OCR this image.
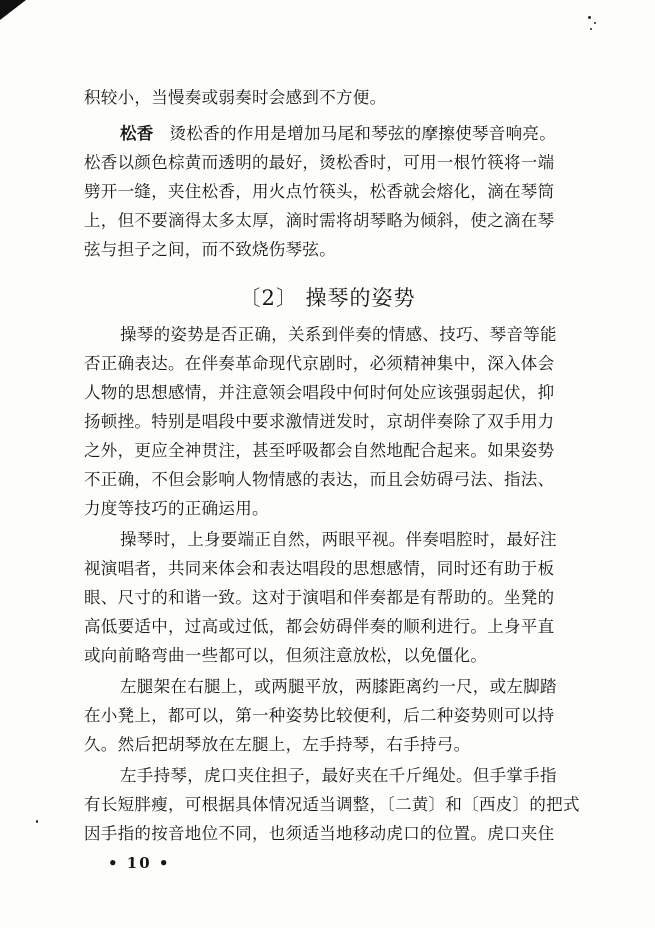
积较小，当慢奏或弱奏时会感到不方便。
松香 烫松香的作用是增加马尾和琴弦的摩擦使琴音响亮。
松香以颜色棕黄而透明的最好，烫松香时，可用一根竹筷将一端
劈开一缝，夹住松香，用火点竹筷头，松香就会熔化，滴在琴筒
上，但不要滴得太多太厚，滴时需将胡琴略为倾斜，使之滴在琴
弦与担子之间，而不致烧伤琴弦。
〔2〕 操琴的姿势
操琴的姿势是否正确，关系到伴奏的情感、技巧、琴音等能
否正确表达。在伴奏革命现代京剧时，必须精神集中，深入体会
人物的思想感情，并注意领会唱段中何时何处应该强弱起伏，抑
扬顿挫。特别是唱段中要求激情迸发时，京胡伴奏除了双手用力
之外，更应全神贯注，甚至呼吸都会自然地配合起来。如果姿势
不正确，不但会影响人物情感的表达，而且会妨碍弓法、指法、
力度等技巧的正确运用。
操琴时，上身要端正自然，两眼平视。伴奏唱腔时，最好注
视演唱者，共同来体会和表达唱段的思想感情，同时还有助于板
眼、尺寸的和谐一致。这对于演唱和伴奏都是有帮助的。坐凳的
高低要适中，过高或过低，都会妨碍伴奏的顺利进行。上身平直
或向前略弯曲一些都可以，但须注意放松，以免僵化。
左腿架在右腿上，或两腿平放，两膝距离约一尺，或左脚踏
在小凳上，都可以，第一种姿势比较便利，后二种姿势则可以持
久。然后把胡琴放在左腿上，左手持琴，右手持弓。
左手持琴，虎口夹住担子，最好夹在千斤绳处。但手掌手指
有长短胖瘦，可根据具体情况适当调整，〔二黄〕和〔西皮〕的把式
因手指的按音地位不同，也须适当地移动虎口的位置。虎口夹住
• 10 •
